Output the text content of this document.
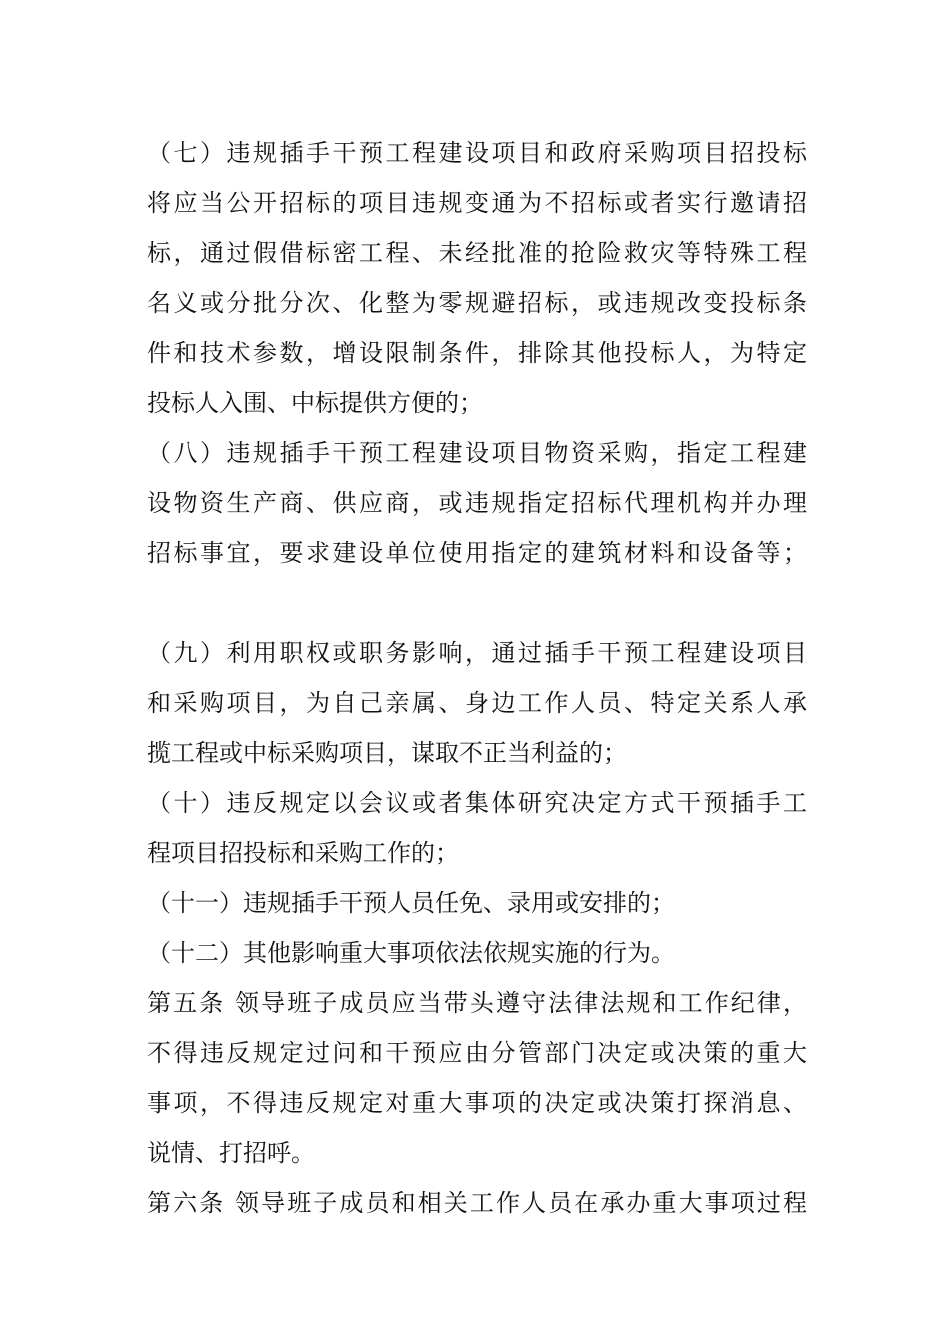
（七）违规插手干预工程建设项目和政府采购项目招投标
将应当公开招标的项目违规变通为不招标或者实行邀请招
标，通过假借标密工程、未经批准的抢险救灾等特殊工程
名义或分批分次、化整为零规避招标，或违规改变投标条
件和技术参数，增设限制条件，排除其他投标人，为特定
投标人入围、中标提供方便的；
（八）违规插手干预工程建设项目物资采购，指定工程建
设物资生产商、供应商，或违规指定招标代理机构并办理
招标事宜，要求建设单位使用指定的建筑材料和设备等；
（九）利用职权或职务影响，通过插手干预工程建设项目
和采购项目，为自己亲属、身边工作人员、特定关系人承
揽工程或中标采购项目，谋取不正当利益的；
（十）违反规定以会议或者集体研究决定方式干预插手工
程项目招投标和采购工作的；
（十一）违规插手干预人员任免、录用或安排的；
（十二）其他影响重大事项依法依规实施的行为。
第五条 领导班子成员应当带头遵守法律法规和工作纪律，
不得违反规定过问和干预应由分管部门决定或决策的重大
事项，不得违反规定对重大事项的决定或决策打探消息、
说情、打招呼。
第六条 领导班子成员和相关工作人员在承办重大事项过程
